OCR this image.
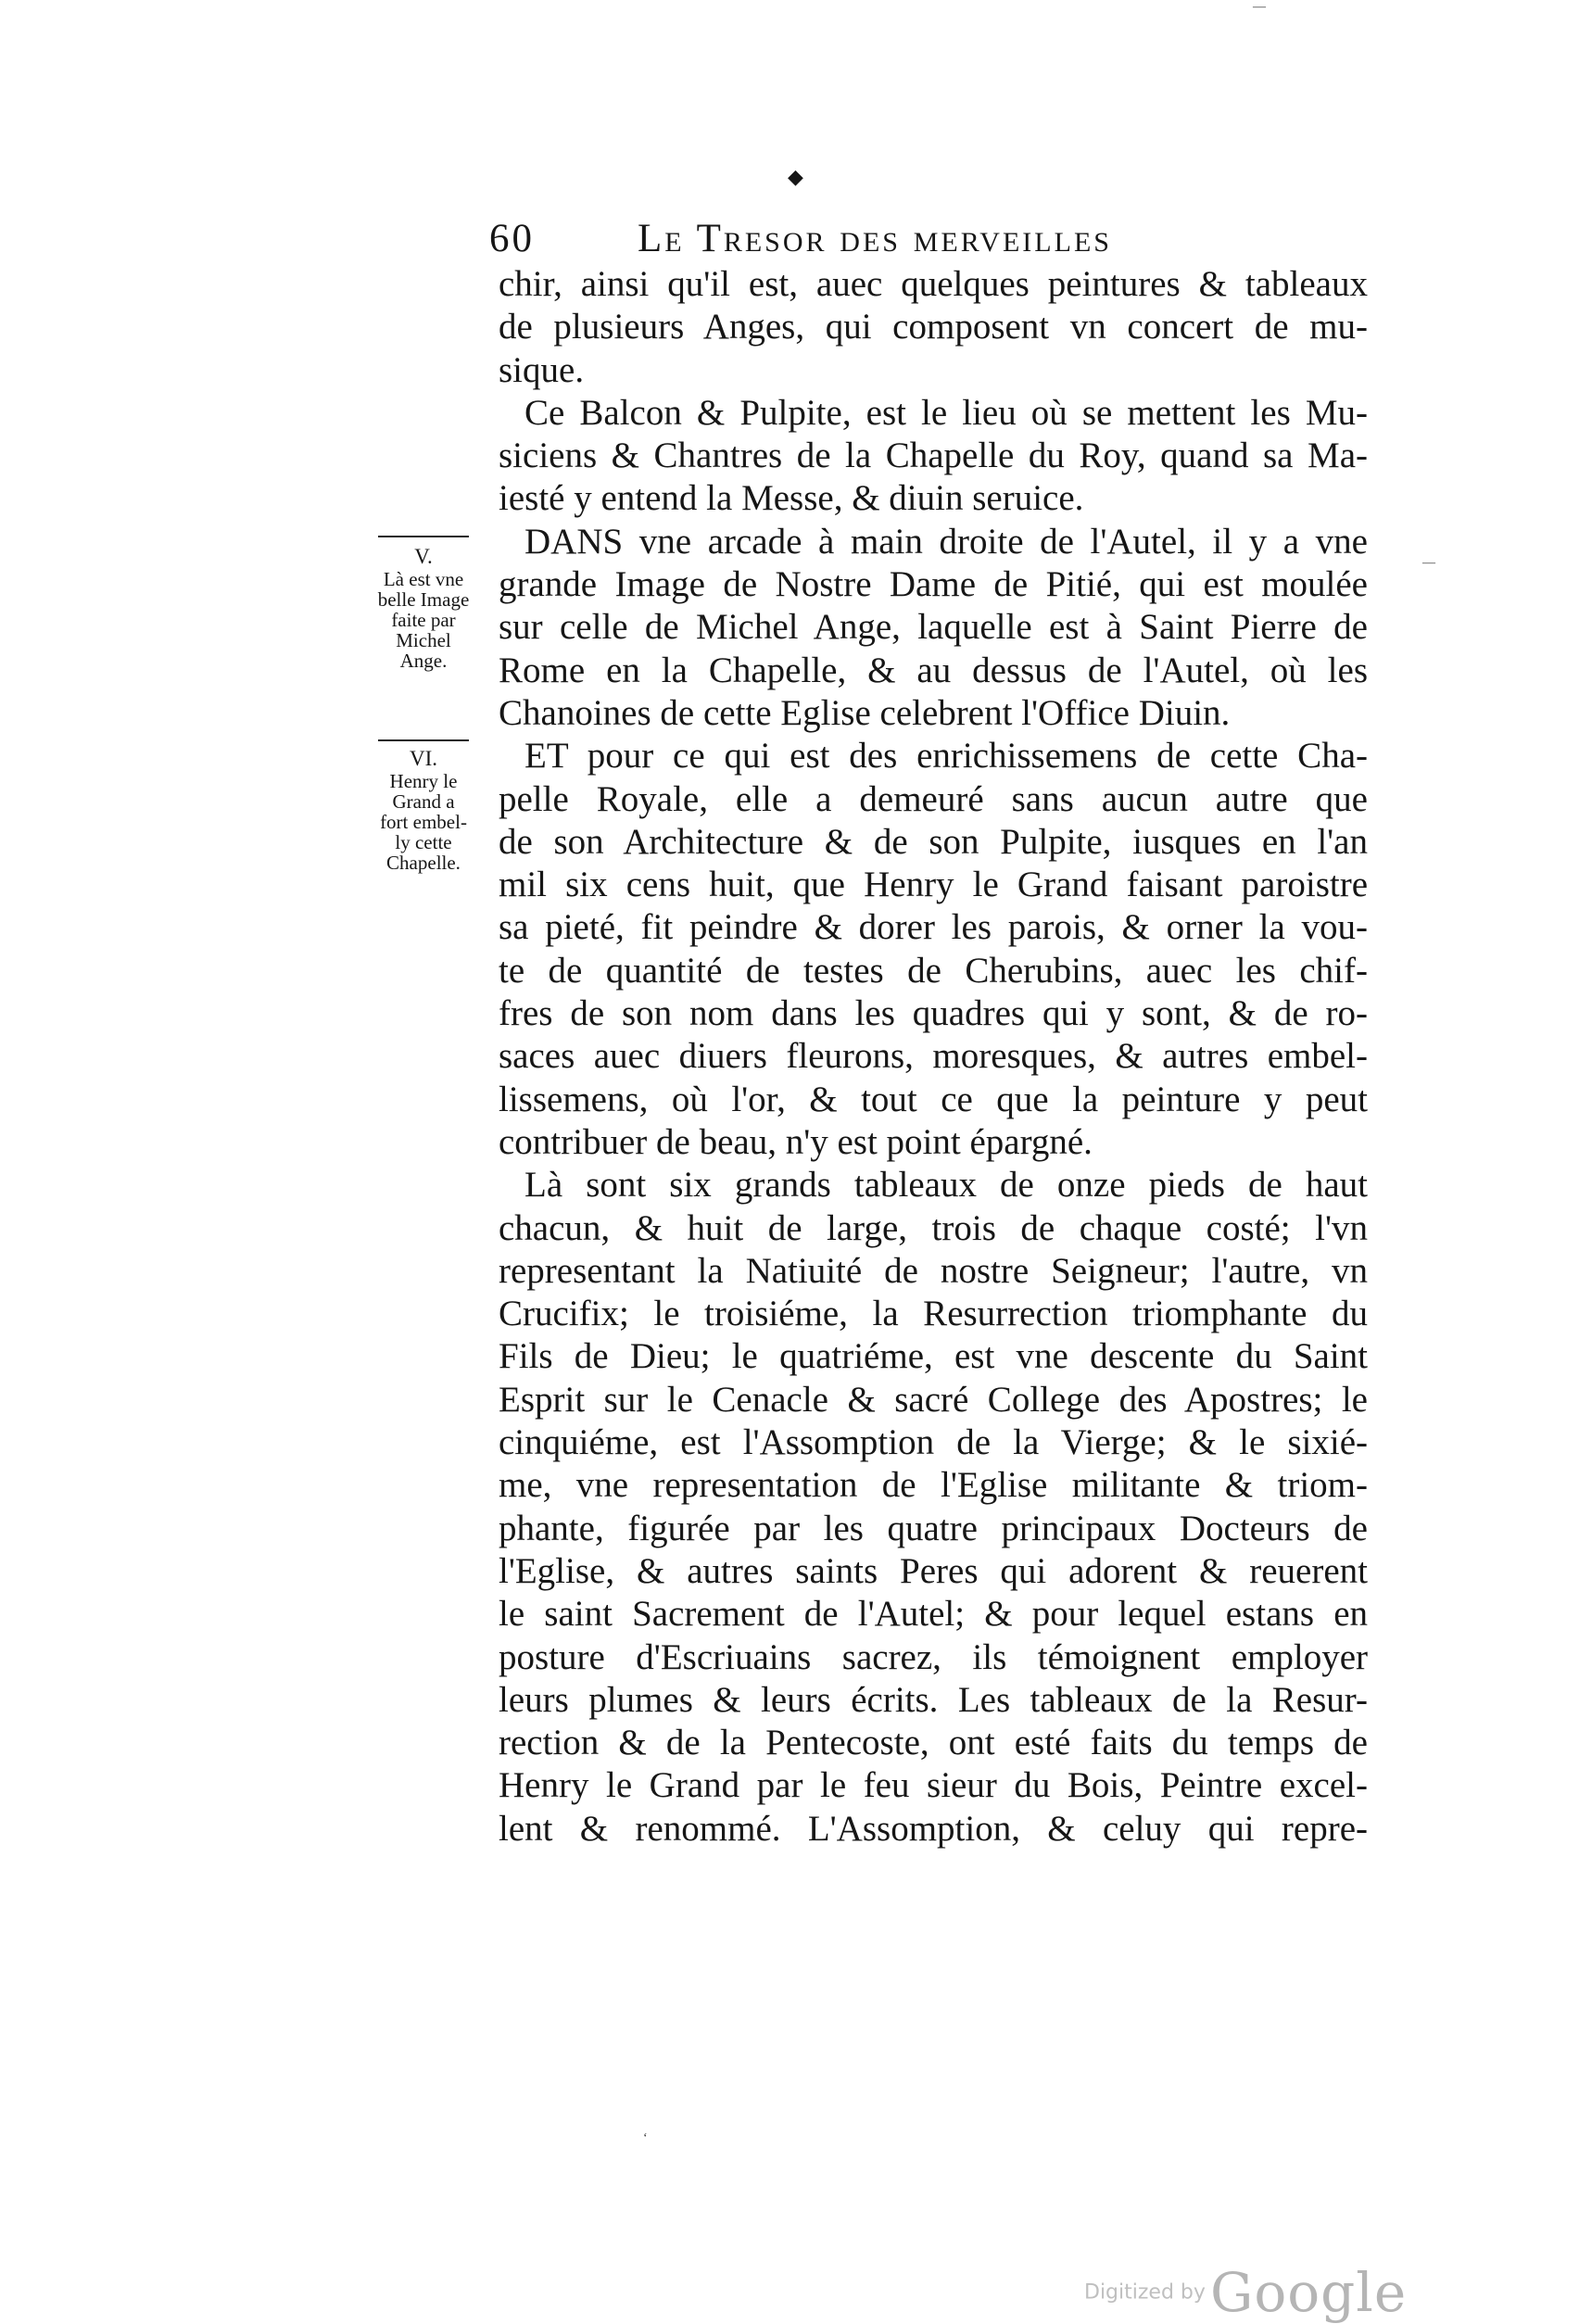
◆
—
—
‘
60	Le Tresor des merveilles
V.
Là est vne
belle Image
faite par
Michel
Ange.
VI.
Henry le
Grand a
fort embel-
ly cette
Chapelle.
chir, ainsi qu'il est, auec quelques peintures & tableaux
de plusieurs Anges, qui composent vn concert de mu-
sique.
Ce Balcon & Pulpite, est le lieu où se mettent les Mu-
siciens & Chantres de la Chapelle du Roy, quand sa Ma-
iesté y entend la Messe, & diuin seruice.
DANS vne arcade à main droite de l'Autel, il y a vne
grande Image de Nostre Dame de Pitié, qui est moulée
sur celle de Michel Ange, laquelle est à Saint Pierre de
Rome en la Chapelle, & au dessus de l'Autel, où les
Chanoines de cette Eglise celebrent l'Office Diuin.
ET pour ce qui est des enrichissemens de cette Cha-
pelle Royale, elle a demeuré sans aucun autre que
de son Architecture & de son Pulpite, iusques en l'an
mil six cens huit, que Henry le Grand faisant paroistre
sa pieté, fit peindre & dorer les parois, & orner la vou-
te de quantité de testes de Cherubins, auec les chif-
fres de son nom dans les quadres qui y sont, & de ro-
saces auec diuers fleurons, moresques, & autres embel-
lissemens, où l'or, & tout ce que la peinture y peut
contribuer de beau, n'y est point épargné.
Là sont six grands tableaux de onze pieds de haut
chacun, & huit de large, trois de chaque costé; l'vn
representant la Natiuité de nostre Seigneur; l'autre, vn
Crucifix; le troisiéme, la Resurrection triomphante du
Fils de Dieu; le quatriéme, est vne descente du Saint
Esprit sur le Cenacle & sacré College des Apostres; le
cinquiéme, est l'Assomption de la Vierge; & le sixié-
me, vne representation de l'Eglise militante & triom-
phante, figurée par les quatre principaux Docteurs de
l'Eglise, & autres saints Peres qui adorent & reuerent
le saint Sacrement de l'Autel; & pour lequel estans en
posture d'Escriuains sacrez, ils témoignent employer
leurs plumes & leurs écrits. Les tableaux de la Resur-
rection & de la Pentecoste, ont esté faits du temps de
Henry le Grand par le feu sieur du Bois, Peintre excel-
lent & renommé. L'Assomption, & celuy qui repre-
Digitized by Google
